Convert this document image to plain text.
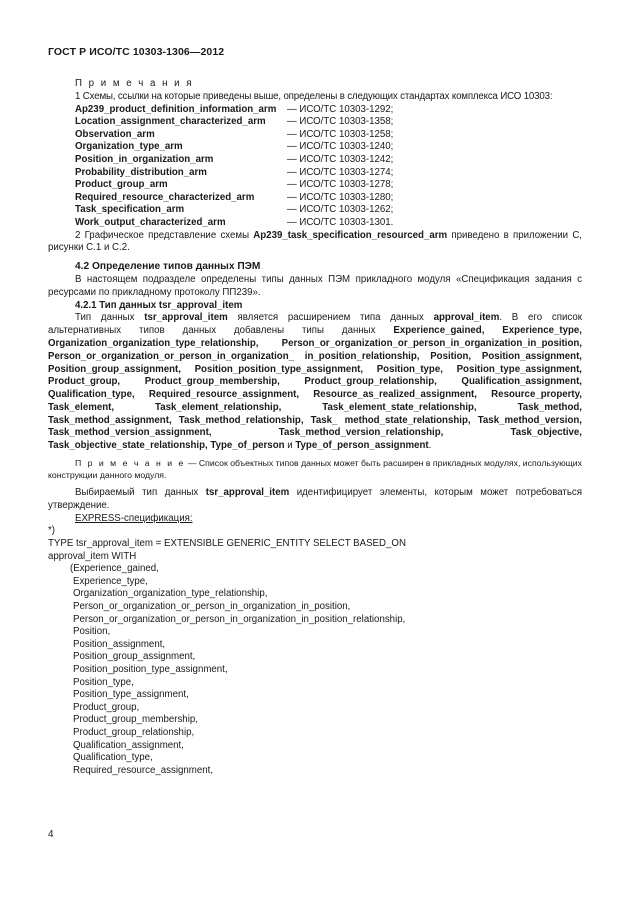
ГОСТ Р ИСО/ТС 10303-1306—2012
П р и м е ч а н и я
1 Схемы, ссылки на которые приведены выше, определены в следующих стандартах комплекса ИСО 10303:
Ap239_product_definition_information_arm	— ИСО/ТС 10303-1292;
Location_assignment_characterized_arm	— ИСО/ТС 10303-1358;
Observation_arm	— ИСО/ТС 10303-1258;
Organization_type_arm	— ИСО/ТС 10303-1240;
Position_in_organization_arm	— ИСО/ТС 10303-1242;
Probability_distribution_arm	— ИСО/ТС 10303-1274;
Product_group_arm	— ИСО/ТС 10303-1278;
Required_resource_characterized_arm	— ИСО/ТС 10303-1280;
Task_specification_arm	— ИСО/ТС 10303-1262;
Work_output_characterized_arm	— ИСО/ТС 10303-1301.
2 Графическое представление схемы Ap239_task_specification_resourced_arm приведено в приложении С, рисунки С.1 и С.2.
4.2 Определение типов данных ПЭМ
В настоящем подразделе определены типы данных ПЭМ прикладного модуля «Спецификация задания с ресурсами по прикладному протоколу ПП239».
4.2.1 Тип данных tsr_approval_item
Тип данных tsr_approval_item является расширением типа данных approval_item. В его список альтернативных типов данных добавлены типы данных Experience_gained, Experience_type, Organization_organization_type_relationship, Person_or_organization_or_person_in_organization_in_position, Person_or_organization_or_person_in_organization_ in_position_relationship, Position, Position_assignment, Position_group_assignment, Position_position_type_assignment, Position_type, Position_type_assignment, Product_group, Product_group_membership, Product_group_relationship, Qualification_assignment, Qualification_type, Required_resource_assignment, Resource_as_realized_assignment, Resource_property, Task_element, Task_element_relationship, Task_element_state_relationship, Task_method, Task_method_assignment, Task_method_relationship, Task_ method_state_relationship, Task_method_version, Task_method_version_assignment, Task_method_version_relationship, Task_objective, Task_objective_state_relationship, Type_of_person и Type_of_person_assignment.
П р и м е ч а н и е — Список объектных типов данных может быть расширен в прикладных модулях, использующих конструкции данного модуля.
Выбираемый тип данных tsr_approval_item идентифицирует элементы, которым может потребоваться утверждение.
EXPRESS-спецификация:
*)
TYPE tsr_approval_item = EXTENSIBLE GENERIC_ENTITY SELECT BASED_ON
approval_item WITH
(Experience_gained,
Experience_type,
Organization_organization_type_relationship,
Person_or_organization_or_person_in_organization_in_position,
Person_or_organization_or_person_in_organization_in_position_relationship,
Position,
Position_assignment,
Position_group_assignment,
Position_position_type_assignment,
Position_type,
Position_type_assignment,
Product_group,
Product_group_membership,
Product_group_relationship,
Qualification_assignment,
Qualification_type,
Required_resource_assignment,
4
